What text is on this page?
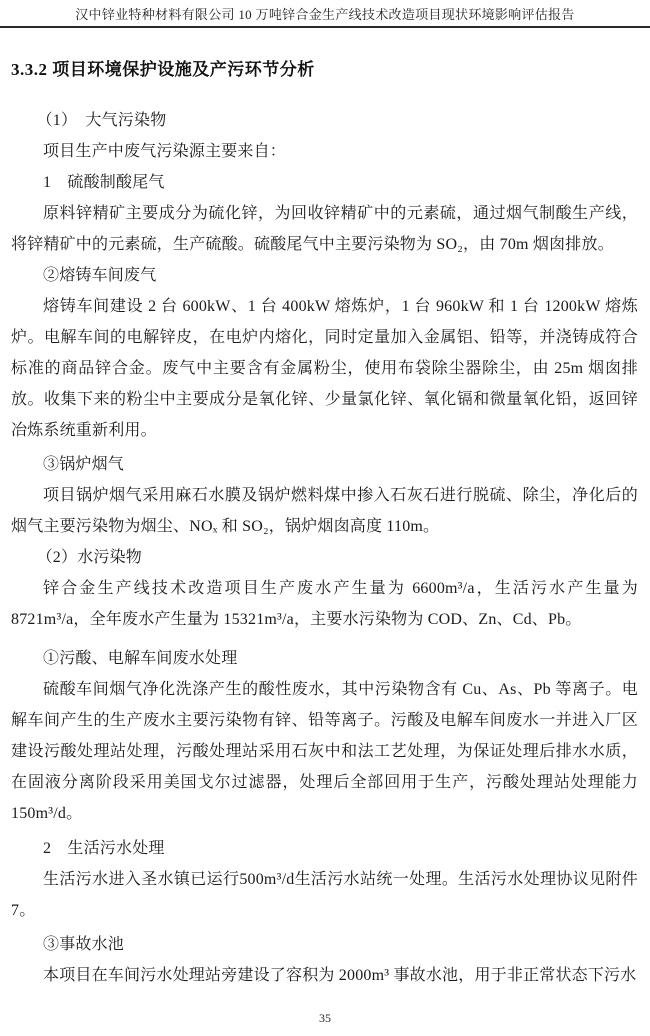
汉中锌业特种材料有限公司 10 万吨锌合金生产线技术改造项目现状环境影响评估报告
3.3.2 项目环境保护设施及产污环节分析

（1）　大气污染物

项目生产中废气污染源主要来自：

1　硫酸制酸尾气

原料锌精矿主要成分为硫化锌，为回收锌精矿中的元素硫，通过烟气制酸生产线，将锌精矿中的元素硫，生产硫酸。硫酸尾气中主要污染物为 SO₂，由 70m 烟囱排放。

②熔铸车间废气

熔铸车间建设 2 台 600kW、1 台 400kW 熔炼炉，1 台 960kW 和 1 台 1200kW 熔炼炉。电解车间的电解锌皮，在电炉内熔化，同时定量加入金属铝、铅等，并浇铸成符合标准的商品锌合金。废气中主要含有金属粉尘，使用布袋除尘器除尘，由 25m 烟囱排放。收集下来的粉尘中主要成分是氧化锌、少量氯化锌、氧化镉和微量氧化铅，返回锌冶炼系统重新利用。

③锅炉烟气

项目锅炉烟气采用麻石水膜及锅炉燃料煤中掺入石灰石进行脱硫、除尘，净化后的烟气主要污染物为烟尘、NOₓ 和 SO₂，锅炉烟囱高度 110m。

（2）水污染物

锌合金生产线技术改造项目生产废水产生量为 6600m³/a，生活污水产生量为 8721m³/a，全年废水产生量为 15321m³/a，主要水污染物为 COD、Zn、Cd、Pb。

①污酸、电解车间废水处理

硫酸车间烟气净化洗涤产生的酸性废水，其中污染物含有 Cu、As、Pb 等离子。电解车间产生的生产废水主要污染物有锌、铅等离子。污酸及电解车间废水一并进入厂区建设污酸处理站处理，污酸处理站采用石灰中和法工艺处理，为保证处理后排水水质，在固液分离阶段采用美国戈尔过滤器，处理后全部回用于生产，污酸处理站处理能力150m³/d。

2　生活污水处理

生活污水进入圣水镇已运行500m³/d生活污水站统一处理。生活污水处理协议见附件7。

③事故水池

本项目在车间污水处理站旁建设了容积为 2000m³ 事故水池，用于非正常状态下污水

35
